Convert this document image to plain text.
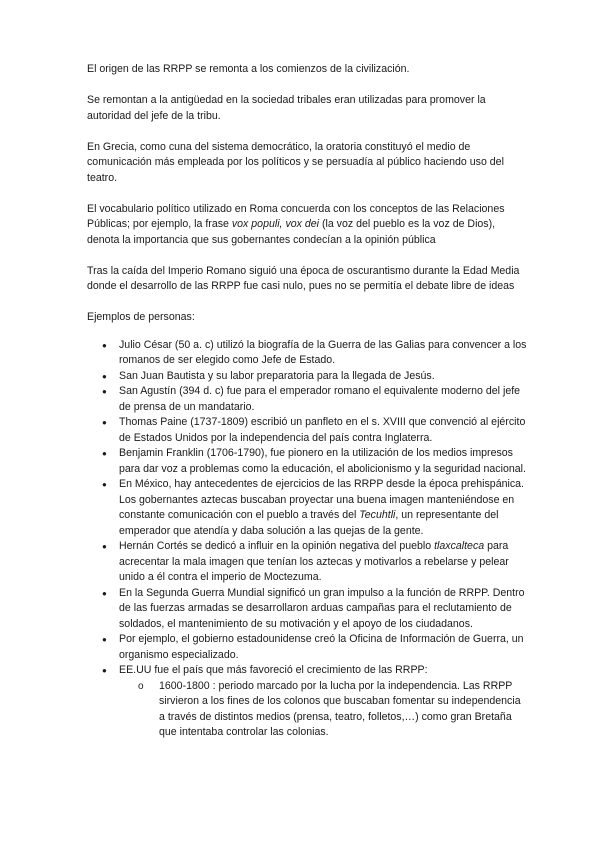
El origen de las RRPP se remonta a los comienzos de la civilización.

Se remontan a la antigüedad en la sociedad tribales eran utilizadas para promover la autoridad del jefe de la tribu.

En Grecia, como cuna del sistema democrático, la oratoria constituyó el medio de comunicación más empleada por los políticos y se persuadía al público haciendo uso del teatro.

El vocabulario político utilizado en Roma concuerda con los conceptos de las Relaciones Públicas; por ejemplo, la frase vox populi, vox dei (la voz del pueblo es la voz de Dios), denota la importancia que sus gobernantes condecían a la opinión pública

Tras la caída del Imperio Romano siguió una época de oscurantismo durante la Edad Media donde el desarrollo de las RRPP fue casi nulo, pues no se permitía el debate libre de ideas

Ejemplos de personas:

● Julio César (50 a. c) utilizó la biografía de la Guerra de las Galias para convencer a los romanos de ser elegido como Jefe de Estado.
● San Juan Bautista y su labor preparatoria para la llegada de Jesús.
● San Agustín (394 d. c) fue para el emperador romano el equivalente moderno del jefe de prensa de un mandatario.
● Thomas Paine (1737-1809) escribió un panfleto en el s. XVIII que convenció al ejército de Estados Unidos por la independencia del país contra Inglaterra.
● Benjamin Franklin (1706-1790), fue pionero en la utilización de los medios impresos para dar voz a problemas como la educación, el abolicionismo y la seguridad nacional.
● En México, hay antecedentes de ejercicios de las RRPP desde la época prehispánica. Los gobernantes aztecas buscaban proyectar una buena imagen manteniéndose en constante comunicación con el pueblo a través del Tecuhtli, un representante del emperador que atendía y daba solución a las quejas de la gente.
● Hernán Cortés se dedicó a influir en la opinión negativa del pueblo tlaxcalteca para acrecentar la mala imagen que tenían los aztecas y motivarlos a rebelarse y pelear unido a él contra el imperio de Moctezuma.
● En la Segunda Guerra Mundial significó un gran impulso a la función de RRPP. Dentro de las fuerzas armadas se desarrollaron arduas campañas para el reclutamiento de soldados, el mantenimiento de su motivación y el apoyo de los ciudadanos.
● Por ejemplo, el gobierno estadounidense creó la Oficina de Información de Guerra, un organismo especializado.
● EE.UU fue el país que más favoreció el crecimiento de las RRPP:
o 1600-1800 : periodo marcado por la lucha por la independencia. Las RRPP sirvieron a los fines de los colonos que buscaban fomentar su independencia a través de distintos medios (prensa, teatro, folletos,…) como gran Bretaña que intentaba controlar las colonias.
